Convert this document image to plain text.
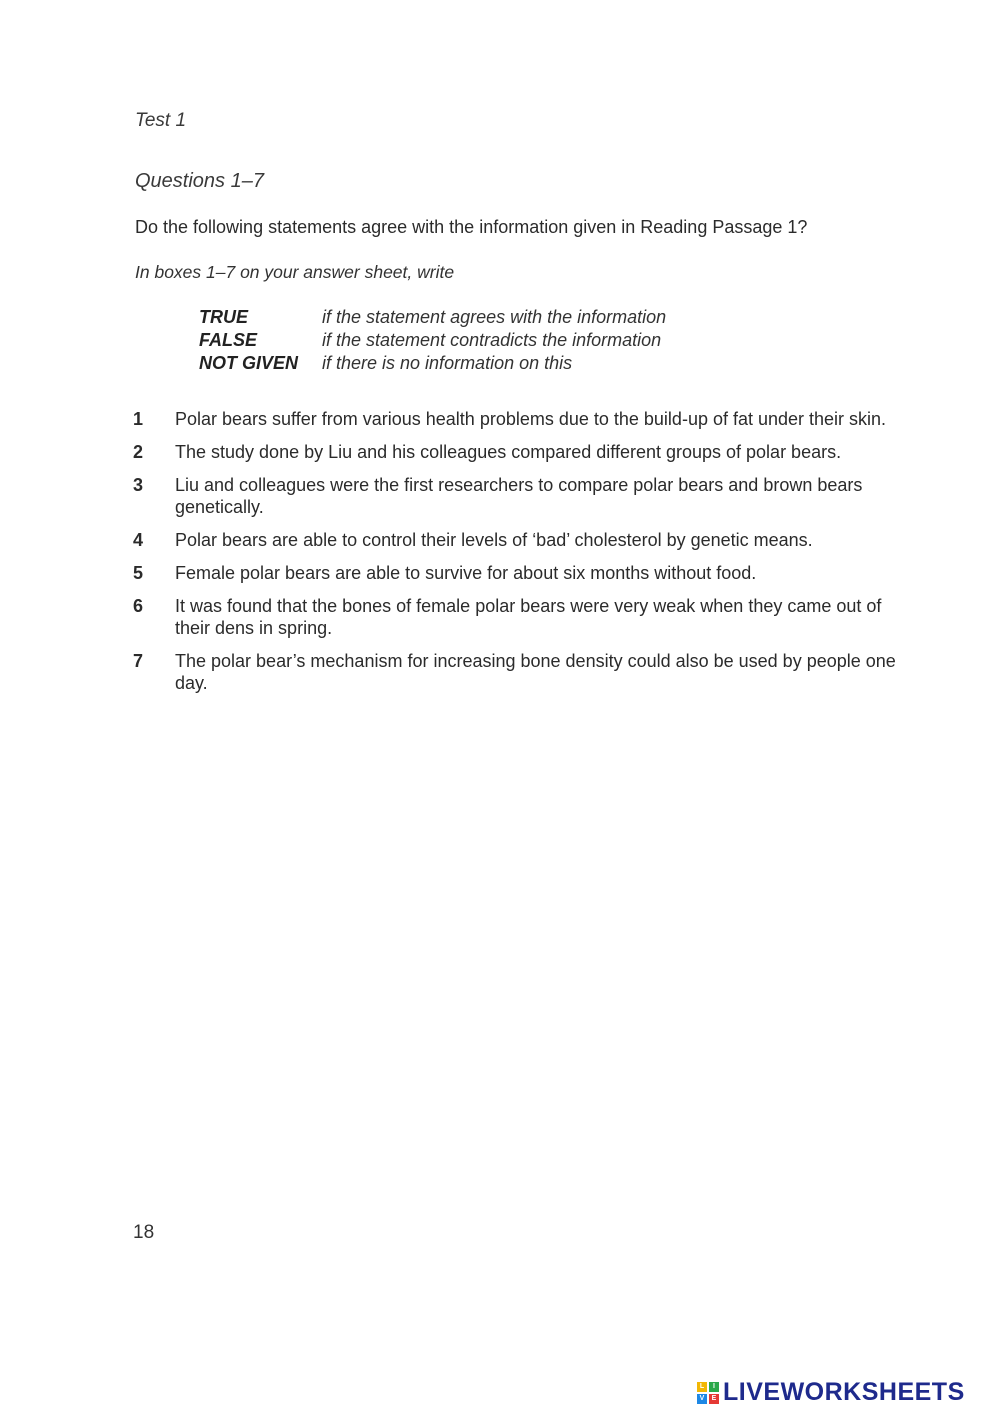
Test 1
Questions 1–7
Do the following statements agree with the information given in Reading Passage 1?
In boxes 1–7 on your answer sheet, write
TRUE	if the statement agrees with the information
FALSE	if the statement contradicts the information
NOT GIVEN	if there is no information on this
1	Polar bears suffer from various health problems due to the build-up of fat under their skin.
2	The study done by Liu and his colleagues compared different groups of polar bears.
3	Liu and colleagues were the first researchers to compare polar bears and brown bears genetically.
4	Polar bears are able to control their levels of ‘bad’ cholesterol by genetic means.
5	Female polar bears are able to survive for about six months without food.
6	It was found that the bones of female polar bears were very weak when they came out of their dens in spring.
7	The polar bear’s mechanism for increasing bone density could also be used by people one day.
18
L	I
V	E LIVEWORKSHEETS
